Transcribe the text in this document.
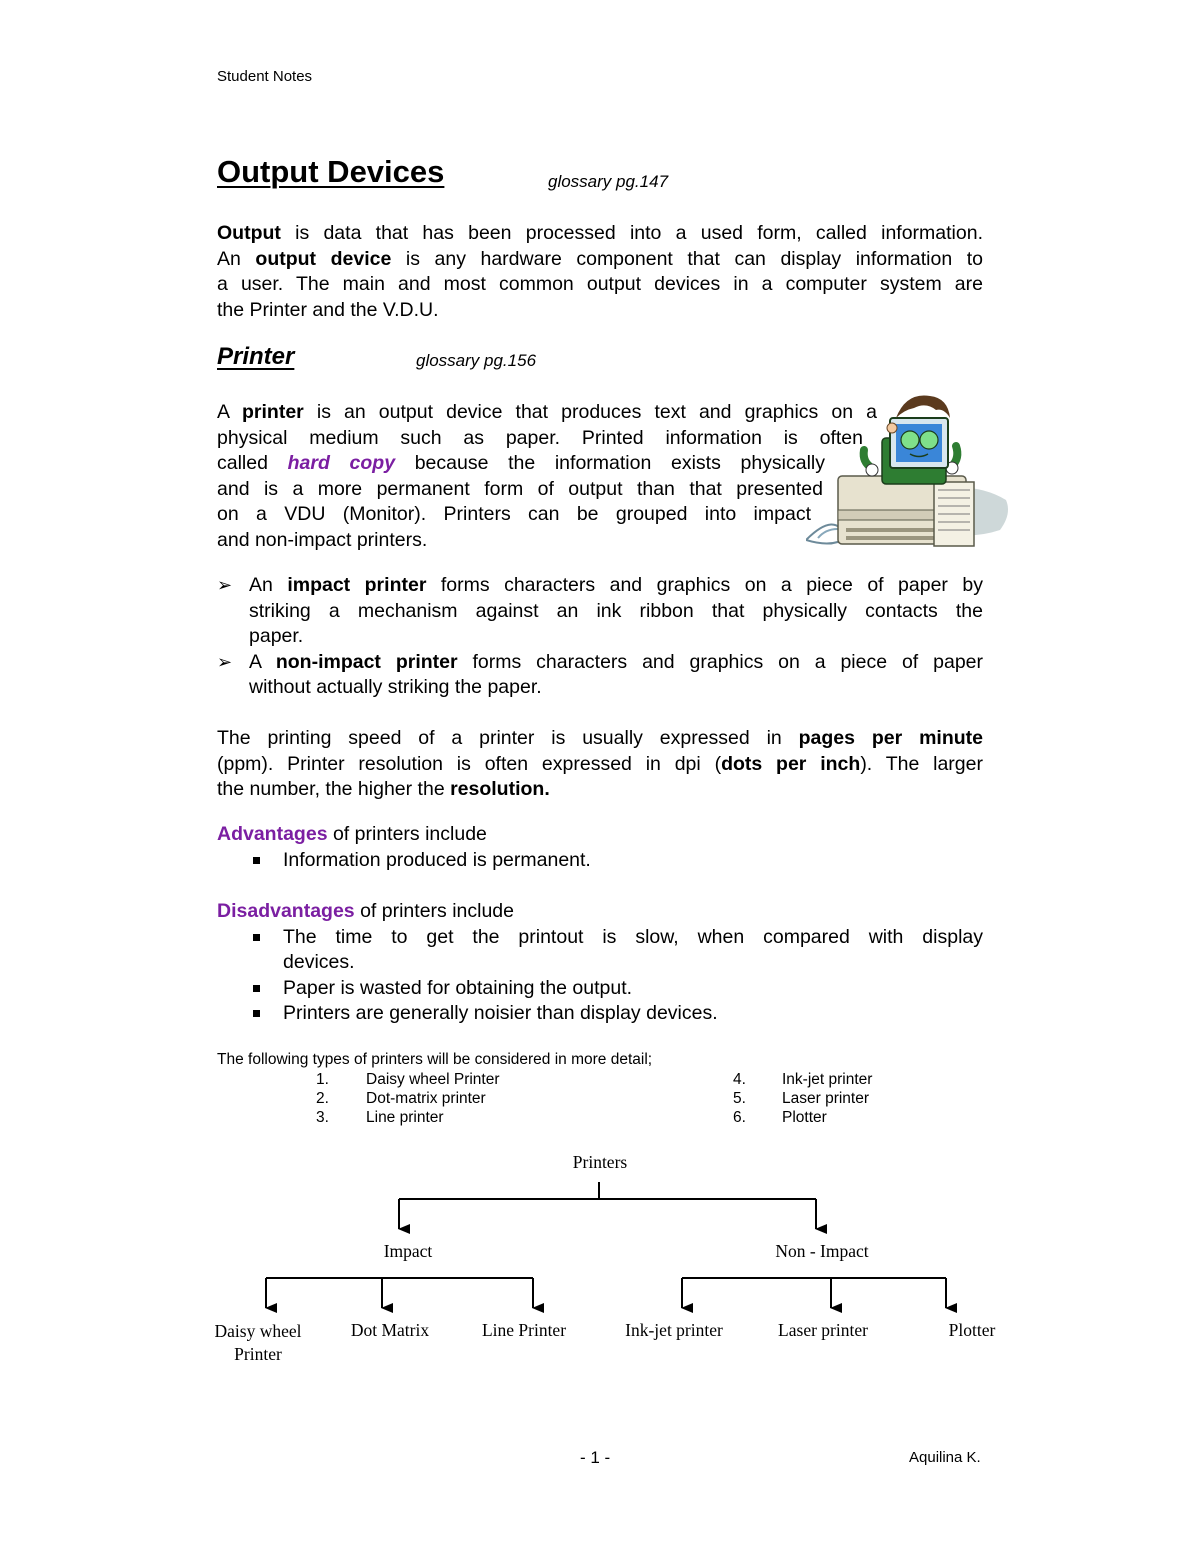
Student Notes
Output Devices	glossary pg.147
Output is data that has been processed into a used form, called information.
An output device is any hardware component that can display information to
a user. The main and most common output devices in a computer system are
the Printer and the V.D.U.
Printer	glossary pg.156
A printer is an output device that produces text and graphics on a
physical medium such as paper. Printed information is often
called hard copy because the information exists physically
and is a more permanent form of output than that presented
on a VDU (Monitor). Printers can be grouped into impact
and non-impact printers.
➢ An impact printer forms characters and graphics on a piece of paper by
striking a mechanism against an ink ribbon that physically contacts the
paper.
➢ A non-impact printer forms characters and graphics on a piece of paper
without actually striking the paper.
The printing speed of a printer is usually expressed in pages per minute
(ppm). Printer resolution is often expressed in dpi (dots per inch). The larger
the number, the higher the resolution.
Advantages of printers include
Information produced is permanent.
Disadvantages of printers include
The time to get the printout is slow, when compared with display
devices.
Paper is wasted for obtaining the output.
Printers are generally noisier than display devices.
The following types of printers will be considered in more detail;
1. Daisy wheel Printer
2. Dot-matrix printer
3. Line printer
4. Ink-jet printer
5. Laser printer
6. Plotter
Printers
Impact	Non - Impact
Daisy wheel
Printer
Dot Matrix	Line Printer	Ink-jet printer	Laser printer	Plotter
- 1 -	Aquilina K.
